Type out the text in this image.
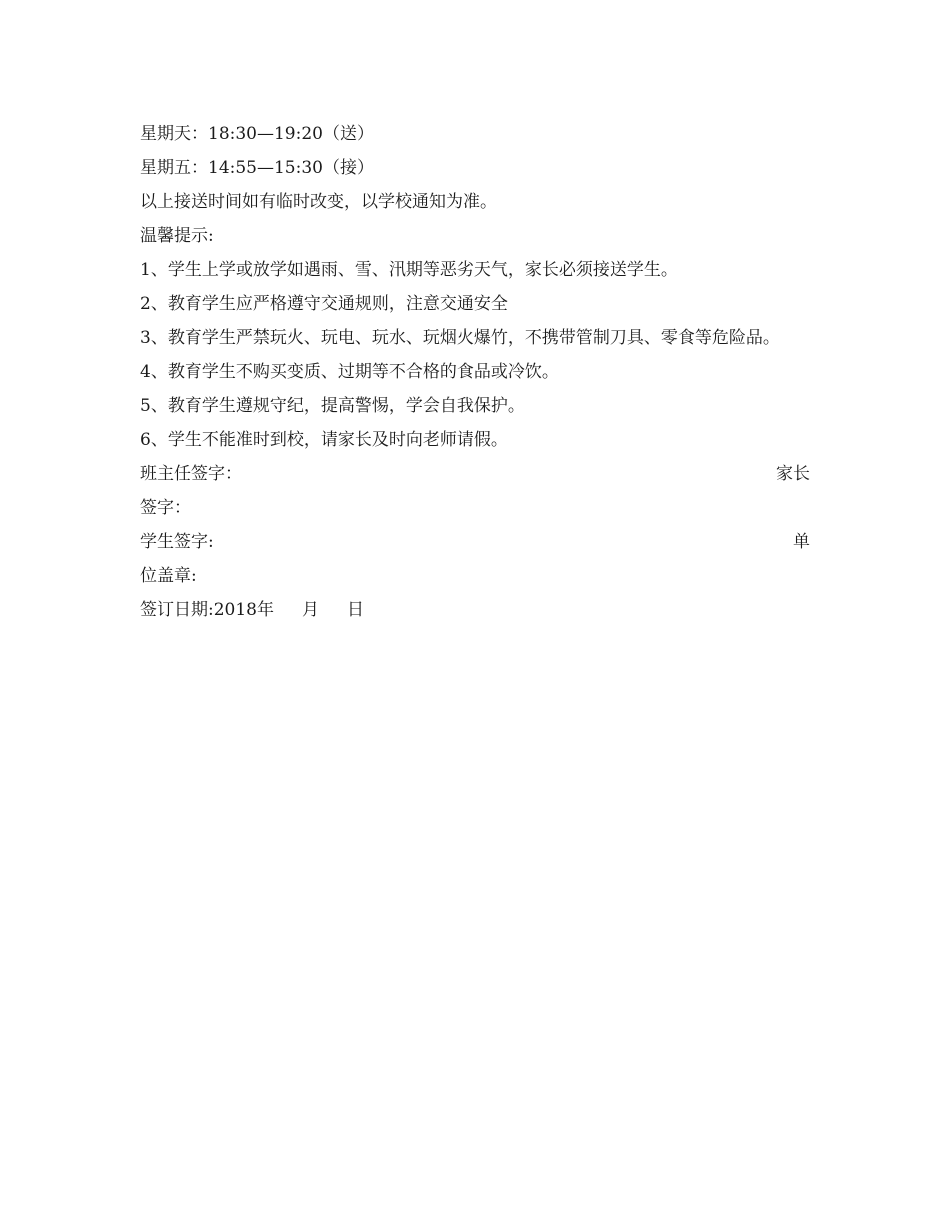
星期天：18:30—19:20（送）
星期五：14:55—15:30（接）
以上接送时间如有临时改变，以学校通知为准。
温馨提示:
1、学生上学或放学如遇雨、雪、汛期等恶劣天气，家长必须接送学生。
2、教育学生应严格遵守交通规则，注意交通安全
3、教育学生严禁玩火、玩电、玩水、玩烟火爆竹，不携带管制刀具、零食等危险品。
4、教育学生不购买变质、过期等不合格的食品或冷饮。
5、教育学生遵规守纪，提高警惕，学会自我保护。
6、学生不能准时到校，请家长及时向老师请假。
班主任签字：	家长
签字：
学生签字:	单
位盖章:
签订日期:2018年 月 日
